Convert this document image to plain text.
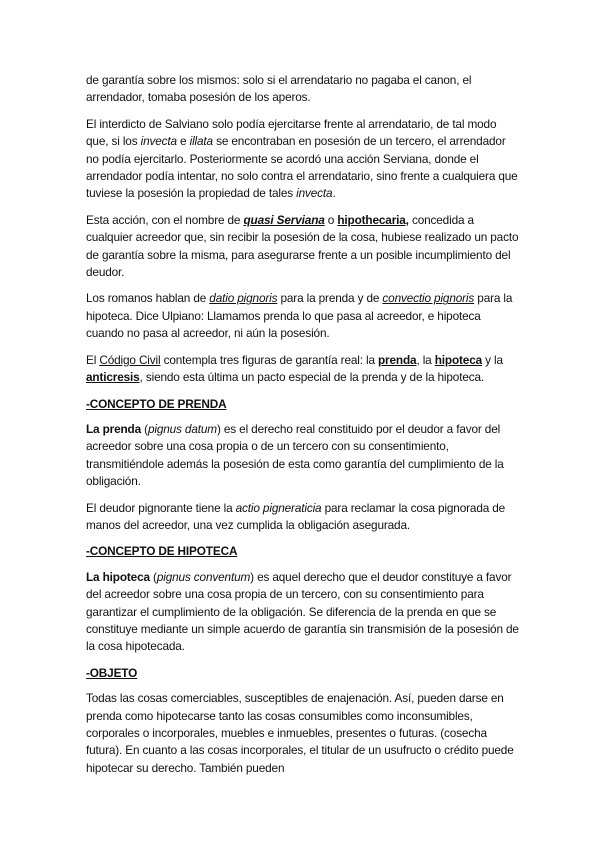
de garantía sobre los mismos: solo si el arrendatario no pagaba el canon, el arrendador, tomaba posesión de los aperos.

El interdicto de Salviano solo podía ejercitarse frente al arrendatario, de tal modo que, si los invecta e illata se encontraban en posesión de un tercero, el arrendador no podía ejercitarlo. Posteriormente se acordó una acción Serviana, donde el arrendador podía intentar, no solo contra el arrendatario, sino frente a cualquiera que tuviese la posesión la propiedad de tales invecta.

Esta acción, con el nombre de quasi Serviana o hipothecaria, concedida a cualquier acreedor que, sin recibir la posesión de la cosa, hubiese realizado un pacto de garantía sobre la misma, para asegurarse frente a un posible incumplimiento del deudor.

Los romanos hablan de datio pignoris para la prenda y de convectio pignoris para la hipoteca. Dice Ulpiano: Llamamos prenda lo que pasa al acreedor, e hipoteca cuando no pasa al acreedor, ni aún la posesión.

El Código Civil contempla tres figuras de garantía real: la prenda, la hipoteca y la anticresis, siendo esta última un pacto especial de la prenda y de la hipoteca.

-CONCEPTO DE PRENDA

La prenda (pignus datum) es el derecho real constituido por el deudor a favor del acreedor sobre una cosa propia o de un tercero con su consentimiento, transmitiéndole además la posesión de esta como garantía del cumplimiento de la obligación.

El deudor pignorante tiene la actio pigneraticia para reclamar la cosa pignorada de manos del acreedor, una vez cumplida la obligación asegurada.

-CONCEPTO DE HIPOTECA

La hipoteca (pignus conventum) es aquel derecho que el deudor constituye a favor del acreedor sobre una cosa propia de un tercero, con su consentimiento para garantizar el cumplimiento de la obligación. Se diferencia de la prenda en que se constituye mediante un simple acuerdo de garantía sin transmisión de la posesión de la cosa hipotecada.

-OBJETO

Todas las cosas comerciables, susceptibles de enajenación. Así, pueden darse en prenda como hipotecarse tanto las cosas consumibles como inconsumibles, corporales o incorporales, muebles e inmuebles, presentes o futuras. (cosecha futura). En cuanto a las cosas incorporales, el titular de un usufructo o crédito puede hipotecar su derecho. También pueden
